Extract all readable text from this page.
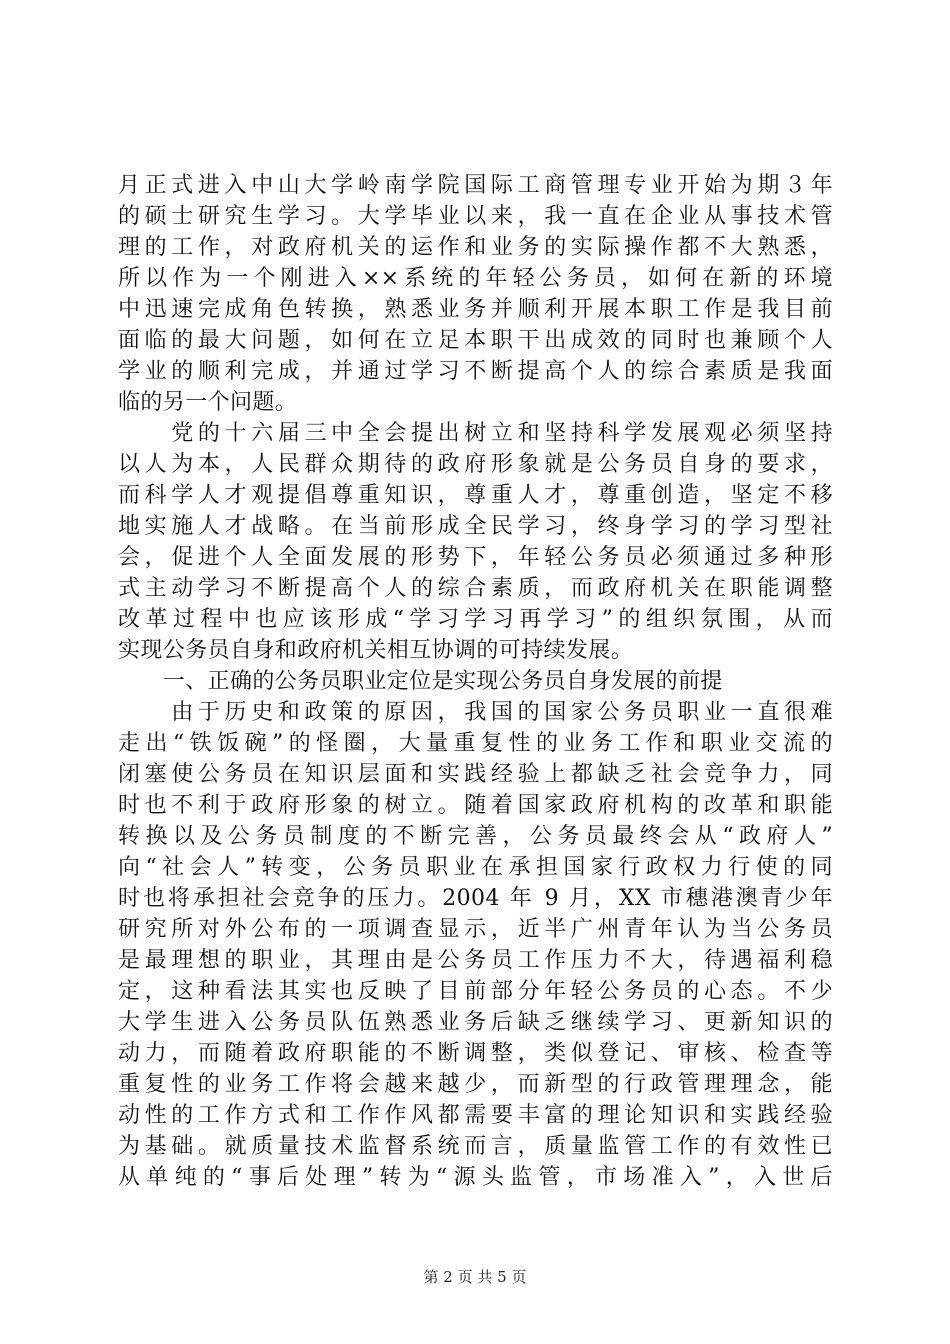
月正式进入中山大学岭南学院国际工商管理专业开始为期３年
的硕士研究生学习。大学毕业以来，我一直在企业从事技术管
理的工作，对政府机关的运作和业务的实际操作都不大熟悉，
所以作为一个刚进入××系统的年轻公务员，如何在新的环境
中迅速完成角色转换，熟悉业务并顺利开展本职工作是我目前
面临的最大问题，如何在立足本职干出成效的同时也兼顾个人
学业的顺利完成，并通过学习不断提高个人的综合素质是我面
临的另一个问题。
　　党的十六届三中全会提出树立和坚持科学发展观必须坚持
以人为本，人民群众期待的政府形象就是公务员自身的要求，
而科学人才观提倡尊重知识，尊重人才，尊重创造，坚定不移
地实施人才战略。在当前形成全民学习，终身学习的学习型社
会，促进个人全面发展的形势下，年轻公务员必须通过多种形
式主动学习不断提高个人的综合素质，而政府机关在职能调整
改革过程中也应该形成“学习学习再学习”的组织氛围，从而
实现公务员自身和政府机关相互协调的可持续发展。
　　一、正确的公务员职业定位是实现公务员自身发展的前提
　　由于历史和政策的原因，我国的国家公务员职业一直很难
走出“铁饭碗”的怪圈，大量重复性的业务工作和职业交流的
闭塞使公务员在知识层面和实践经验上都缺乏社会竞争力，同
时也不利于政府形象的树立。随着国家政府机构的改革和职能
转换以及公务员制度的不断完善，公务员最终会从“政府人”
向“社会人”转变，公务员职业在承担国家行政权力行使的同
时也将承担社会竞争的压力。2004 年 9 月，XX 市穗港澳青少年
研究所对外公布的一项调查显示，近半广州青年认为当公务员
是最理想的职业，其理由是公务员工作压力不大，待遇福利稳
定，这种看法其实也反映了目前部分年轻公务员的心态。不少
大学生进入公务员队伍熟悉业务后缺乏继续学习、更新知识的
动力，而随着政府职能的不断调整，类似登记、审核、检查等
重复性的业务工作将会越来越少，而新型的行政管理理念，能
动性的工作方式和工作作风都需要丰富的理论知识和实践经验
为基础。就质量技术监督系统而言，质量监管工作的有效性已
从单纯的“事后处理”转为“源头监管，市场准入”，入世后
第 2 页 共 5 页
